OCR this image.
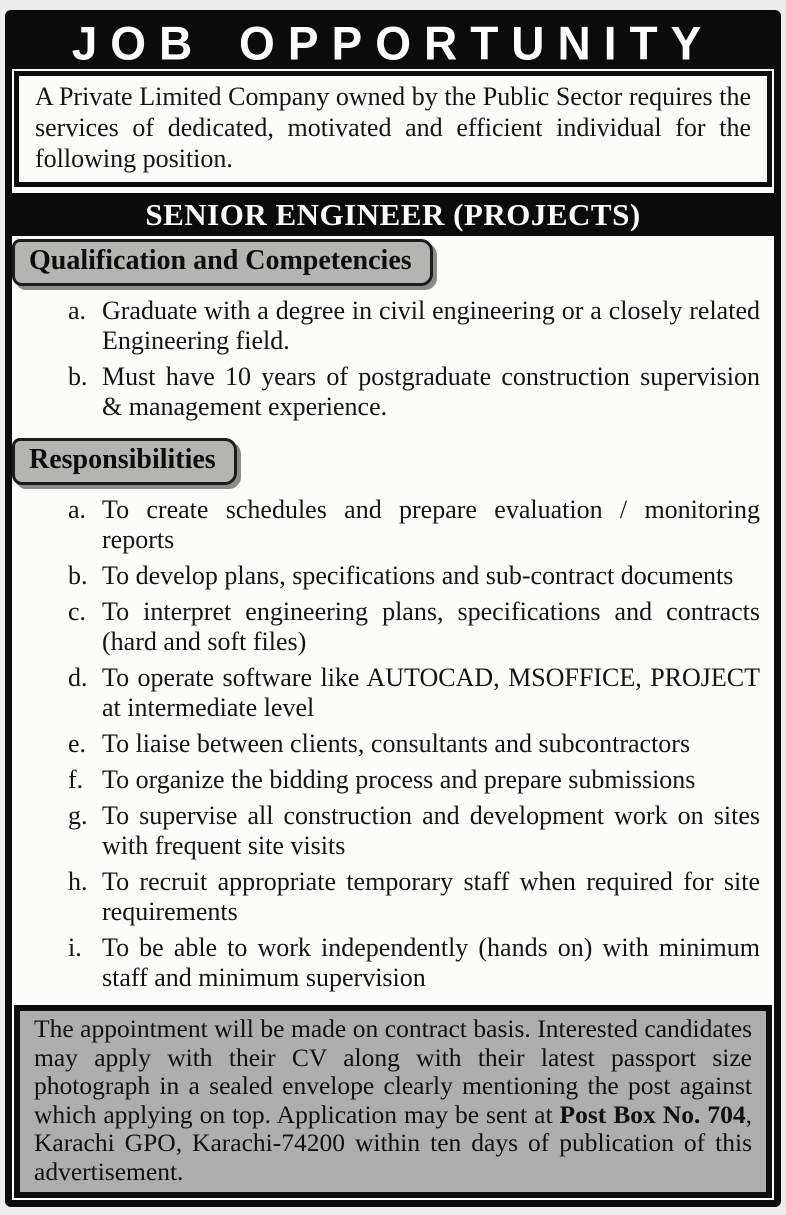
JOB OPPORTUNITY

A Private Limited Company owned by the Public Sector requires the services of dedicated, motivated and efficient individual for the following position.

SENIOR ENGINEER (PROJECTS)
Qualification and Competencies
a. Graduate with a degree in civil engineering or a closely related Engineering field.
b. Must have 10 years of postgraduate construction supervision & management experience.
Responsibilities
a. To create schedules and prepare evaluation / monitoring reports
b. To develop plans, specifications and sub-contract documents
c. To interpret engineering plans, specifications and contracts (hard and soft files)
d. To operate software like AUTOCAD, MSOFFICE, PROJECT at intermediate level
e. To liaise between clients, consultants and subcontractors
f. To organize the bidding process and prepare submissions
g. To supervise all construction and development work on sites with frequent site visits
h. To recruit appropriate temporary staff when required for site requirements
i. To be able to work independently (hands on) with minimum staff and minimum supervision

The appointment will be made on contract basis. Interested candidates may apply with their CV along with their latest passport size photograph in a sealed envelope clearly mentioning the post against which applying on top. Application may be sent at Post Box No. 704, Karachi GPO, Karachi-74200 within ten days of publication of this advertisement.
